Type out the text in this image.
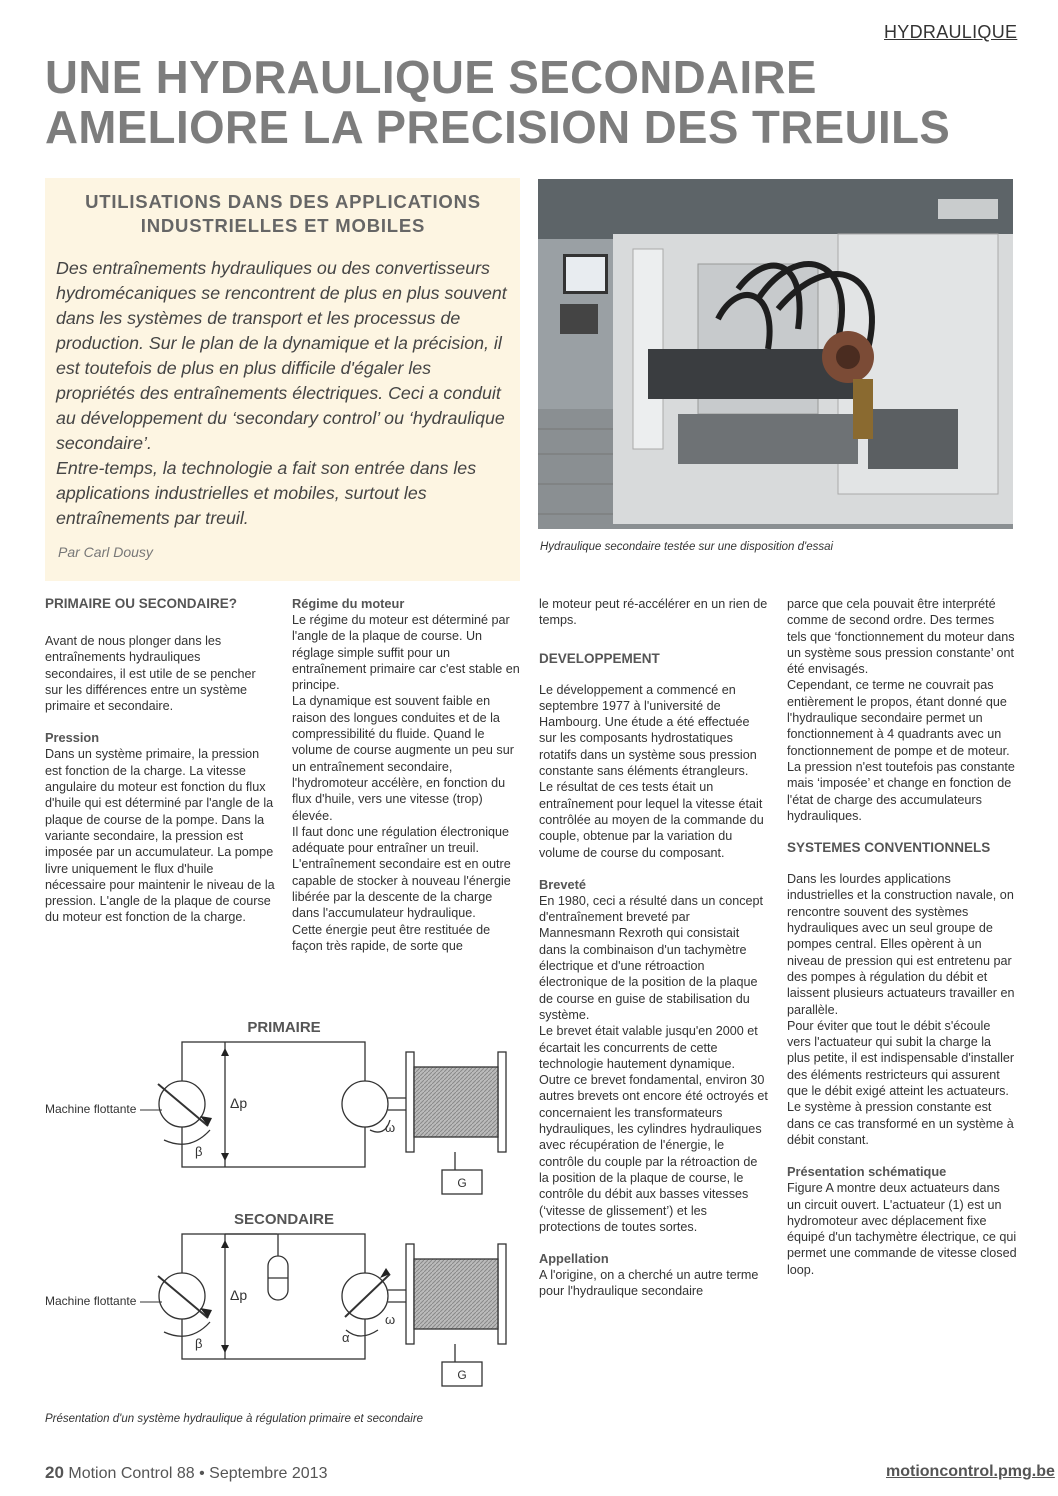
HYDRAULIQUE
UNE HYDRAULIQUE SECONDAIRE
AMELIORE LA PRECISION DES TREUILS
UTILISATIONS DANS DES APPLICATIONS INDUSTRIELLES ET MOBILES

Des entraînements hydrauliques ou des convertisseurs hydromécaniques se rencontrent de plus en plus souvent dans les systèmes de transport et les processus de production. Sur le plan de la dynamique et la précision, il est toutefois de plus en plus difficile d'égaler les propriétés des entraînements électriques. Ceci a conduit au développement du ‘secondary control’ ou ‘hydraulique secondaire’.

Entre-temps, la technologie a fait son entrée dans les applications industrielles et mobiles, surtout les entraînements par treuil.

Par Carl Dousy	Hydraulique secondaire testée sur une disposition d'essai
PRIMAIRE OU SECONDAIRE?

Avant de nous plonger dans les entraînements hydrauliques secondaires, il est utile de se pencher sur les différences entre un système primaire et secondaire.

Pression

Dans un système primaire, la pression est fonction de la charge. La vitesse angulaire du moteur est fonction du flux d'huile qui est déterminé par l'angle de la plaque de course de la pompe. Dans la variante secondaire, la pression est imposée par un accumulateur. La pompe livre uniquement le flux d'huile nécessaire pour maintenir le niveau de la pression. L'angle de la plaque de course du moteur est fonction de la charge.

Régime du moteur

Le régime du moteur est déterminé par l'angle de la plaque de course. Un réglage simple suffit pour un entraînement primaire car c'est stable en principe.

La dynamique est souvent faible en raison des longues conduites et de la compressibilité du fluide. Quand le volume de course augmente un peu sur un entraînement secondaire, l'hydromoteur accélère, en fonction du flux d'huile, vers une vitesse (trop) élevée.

Il faut donc une régulation électronique adéquate pour entraîner un treuil. L'entraînement secondaire est en outre capable de stocker à nouveau l'énergie libérée par la descente de la charge dans l'accumulateur hydraulique.

Cette énergie peut être restituée de façon très rapide, de sorte que

le moteur peut ré-accélérer en un rien de temps.

DEVELOPPEMENT

Le développement a commencé en septembre 1977 à l'université de Hambourg. Une étude a été effectuée sur les composants hydrostatiques rotatifs dans un système sous pression constante sans éléments étrangleurs.

Le résultat de ces tests était un entraînement pour lequel la vitesse était contrôlée au moyen de la commande du couple, obtenue par la variation du volume de course du composant.

Breveté

En 1980, ceci a résulté dans un concept d'entraînement breveté par Mannesmann Rexroth qui consistait dans la combinaison d'un tachymètre électrique et d'une rétroaction électronique de la position de la plaque de course en guise de stabilisation du système.

Le brevet était valable jusqu'en 2000 et écartait les concurrents de cette technologie hautement dynamique. Outre ce brevet fondamental, environ 30 autres brevets ont encore été octroyés et concernaient les transformateurs hydrauliques, les cylindres hydrauliques avec récupération de l'énergie, le contrôle du couple par la rétroaction de la position de la plaque de course, le contrôle du débit aux basses vitesses (‘vitesse de glissement’) et les protections de toutes sortes.

Appellation

A l'origine, on a cherché un autre terme pour l'hydraulique secondaire

parce que cela pouvait être interprété comme de second ordre. Des termes tels que ‘fonctionnement du moteur dans un système sous pression constante’ ont été envisagés.

Cependant, ce terme ne couvrait pas entièrement le propos, étant donné que l'hydraulique secondaire permet un fonctionnement à 4 quadrants avec un fonctionnement de pompe et de moteur.

La pression n'est toutefois pas constante mais ‘imposée’ et change en fonction de l'état de charge des accumulateurs hydrauliques.

SYSTEMES CONVENTIONNELS

Dans les lourdes applications industrielles et la construction navale, on rencontre souvent des systèmes hydrauliques avec un seul groupe de pompes central. Elles opèrent à un niveau de pression qui est entretenu par des pompes à régulation du débit et laissent plusieurs actuateurs travailler en parallèle.

Pour éviter que tout le débit s'écoule vers l'actuateur qui subit la charge la plus petite, il est indispensable d'installer des éléments restricteurs qui assurent que le débit exigé atteint les actuateurs. Le système à pression constante est dans ce cas transformé en un système à débit constant.

Présentation schématique

Figure A montre deux actuateurs dans un circuit ouvert. L'actuateur (1) est un hydromoteur avec déplacement fixe équipé d'un tachymètre électrique, ce qui permet une commande de vitesse closed loop.

PRIMAIRE
SECONDAIRE
Machine flottante
Machine flottante
Δp
Δp
β
β
ω
ω
α
G
G
Présentation d'un système hydraulique à régulation primaire et secondaire
20 Motion Control 88 • Septembre 2013	motioncontrol.pmg.be
